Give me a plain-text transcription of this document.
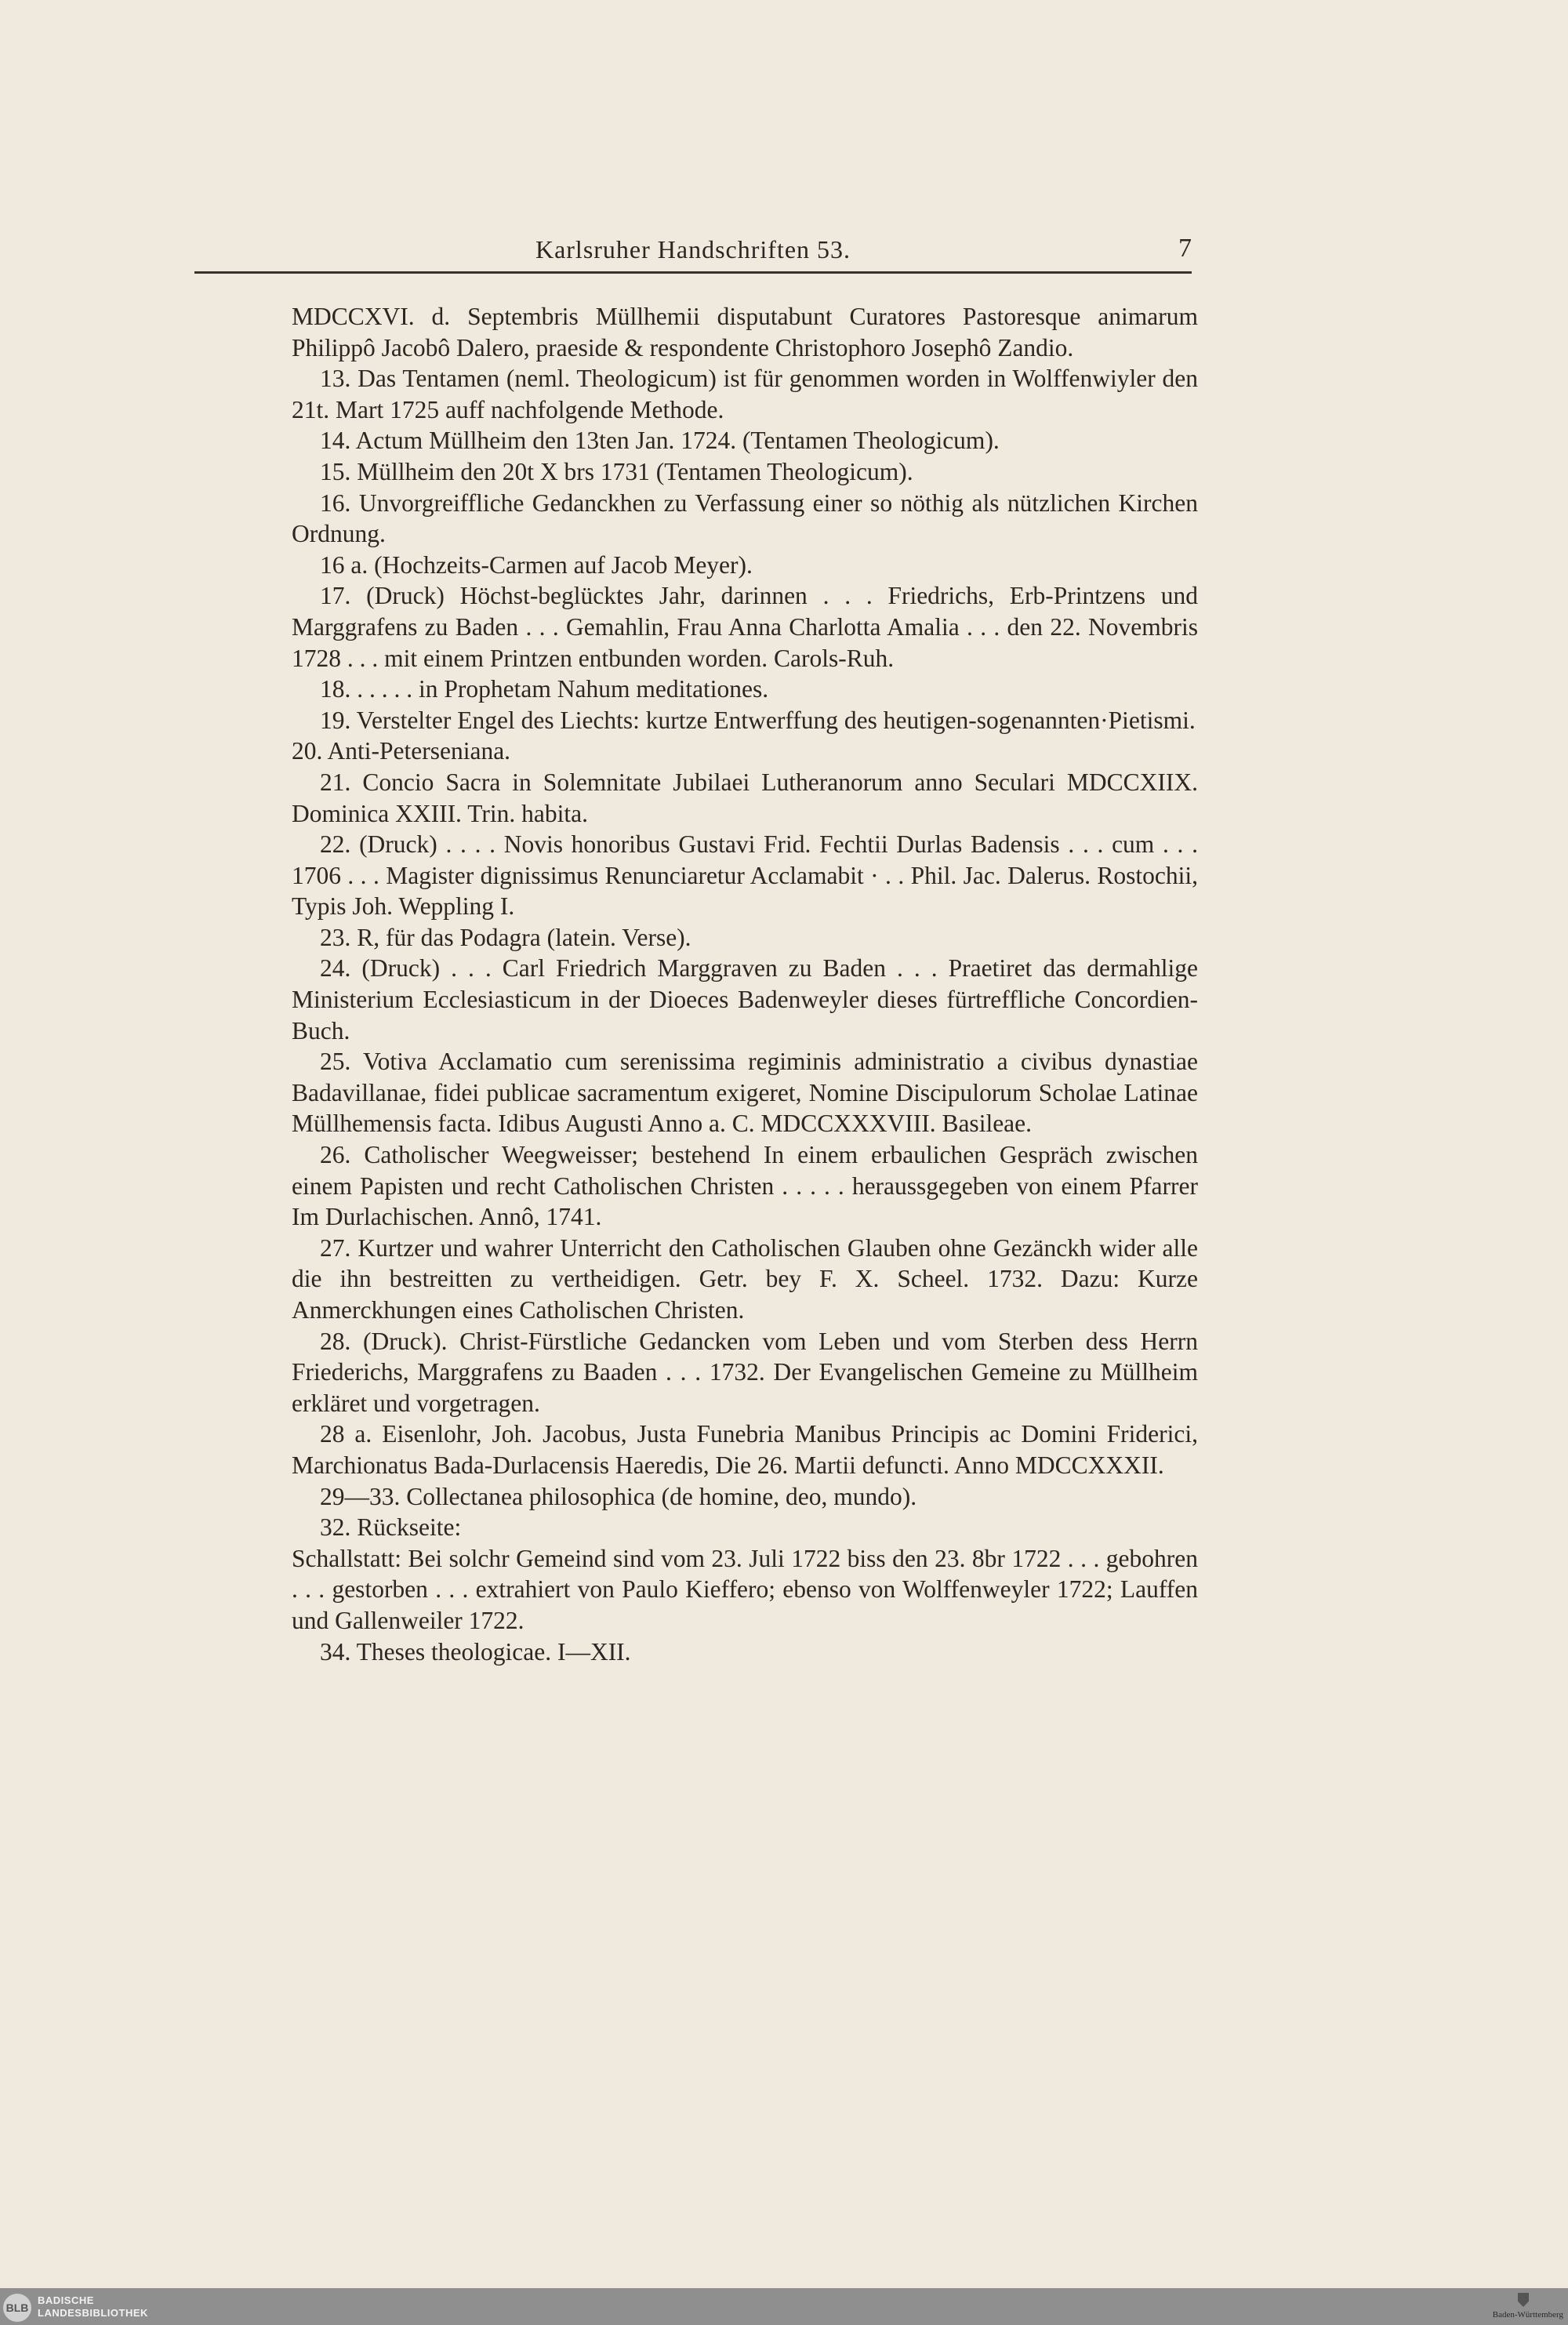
Karlsruher Handschriften 53.	7

MDCCXVI. d. Septembris Müllhemii disputabunt Curatores Pastoresque animarum Philippô Jacobô Dalero, praeside & respondente Christophoro Josephô Zandio.

13. Das Tentamen (neml. Theologicum) ist für genommen worden in Wolffenwiyler den 21t. Mart 1725 auff nachfolgende Methode.

14. Actum Müllheim den 13ten Jan. 1724. (Tentamen Theologicum).

15. Müllheim den 20t X brs 1731 (Tentamen Theologicum).

16. Unvorgreiffliche Gedanckhen zu Verfassung einer so nöthig als nützlichen Kirchen Ordnung.

16 a. (Hochzeits-Carmen auf Jacob Meyer).

17. (Druck) Höchst-beglücktes Jahr, darinnen . . . Friedrichs, Erb-Printzens und Marggrafens zu Baden . . . Gemahlin, Frau Anna Charlotta Amalia . . . den 22. Novembris 1728 . . . mit einem Printzen entbunden worden. Carols-Ruh.

18. . . . . . in Prophetam Nahum meditationes.

19. Verstelter Engel des Liechts: kurtze Entwerffung des heutigen-sogenannten·Pietismi.

20. Anti-Peterseniana.

21. Concio Sacra in Solemnitate Jubilaei Lutheranorum anno Seculari MDCCXIIX. Dominica XXIII. Trin. habita.

22. (Druck) . . . . Novis honoribus Gustavi Frid. Fechtii Durlas Badensis . . . cum . . . 1706 . . . Magister dignissimus Renunciaretur Acclamabit · . . Phil. Jac. Dalerus. Rostochii, Typis Joh. Weppling I.

23. R, für das Podagra (latein. Verse).

24. (Druck) . . . Carl Friedrich Marggraven zu Baden . . . Praetiret das dermahlige Ministerium Ecclesiasticum in der Dioeces Badenweyler dieses fürtreffliche Concordien-Buch.

25. Votiva Acclamatio cum serenissima regiminis administratio a civibus dynastiae Badavillanae, fidei publicae sacramentum exigeret, Nomine Discipulorum Scholae Latinae Müllhemensis facta. Idibus Augusti Anno a. C. MDCCXXXVIII. Basileae.

26. Catholischer Weegweisser; bestehend In einem erbaulichen Gespräch zwischen einem Papisten und recht Catholischen Christen . . . . . heraussgegeben von einem Pfarrer Im Durlachischen. Annô, 1741.

27. Kurtzer und wahrer Unterricht den Catholischen Glauben ohne Gezänckh wider alle die ihn bestreitten zu vertheidigen. Getr. bey F. X. Scheel. 1732. Dazu: Kurze Anmerckhungen eines Catholischen Christen.

28. (Druck). Christ-Fürstliche Gedancken vom Leben und vom Sterben dess Herrn Friederichs, Marggrafens zu Baaden . . . 1732. Der Evangelischen Gemeine zu Müllheim erkläret und vorgetragen.

28 a. Eisenlohr, Joh. Jacobus, Justa Funebria Manibus Principis ac Domini Friderici, Marchionatus Bada-Durlacensis Haeredis, Die 26. Martii defuncti. Anno MDCCXXXII.

29—33. Collectanea philosophica (de homine, deo, mundo).

32. Rückseite:

Schallstatt: Bei solchr Gemeind sind vom 23. Juli 1722 biss den 23. 8br 1722 . . . gebohren . . . gestorben . . . extrahiert von Paulo Kieffero; ebenso von Wolffenweyler 1722; Lauffen und Gallenweiler 1722.

34. Theses theologicae. I—XII.

BLB
BADISCHE
LANDESBIBLIOTHEK	Baden-Württemberg
